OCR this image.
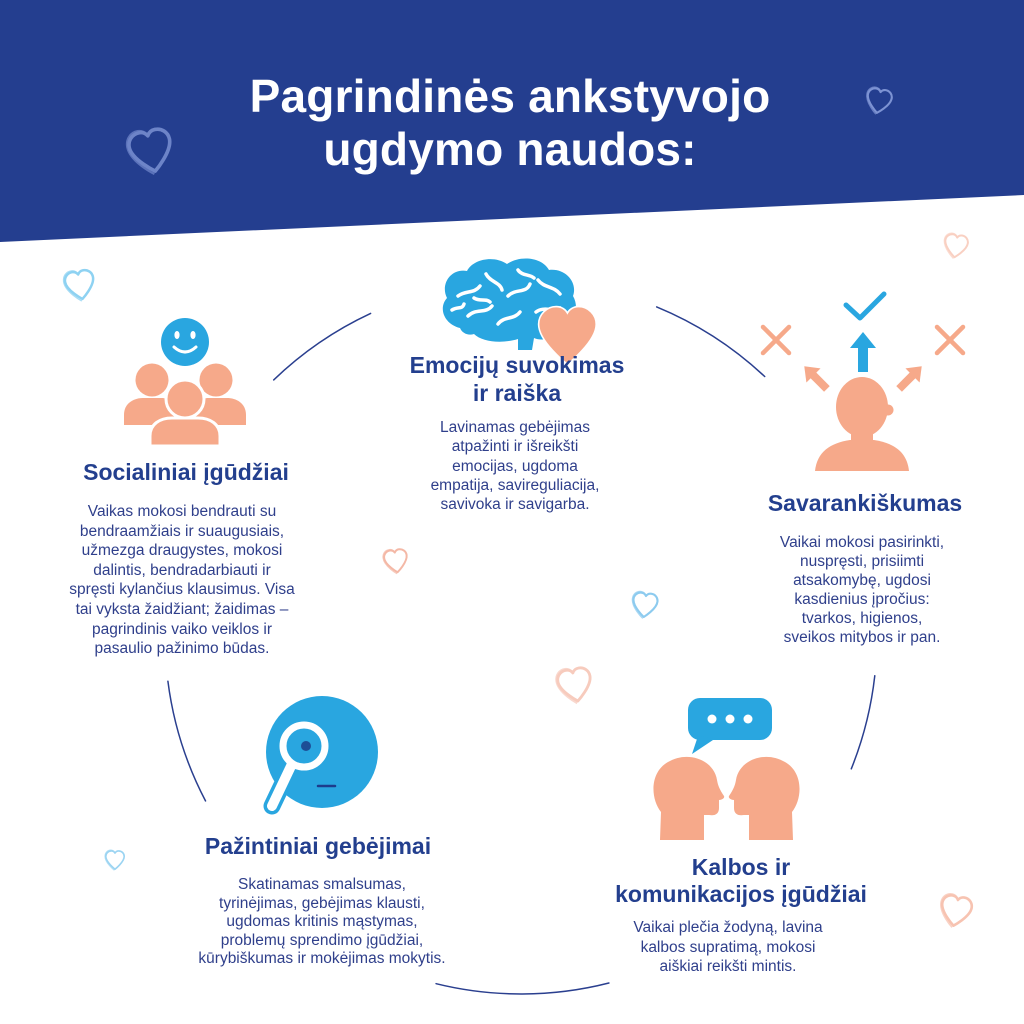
Pagrindinės ankstyvojo
ugdymo naudos:
Emocijų suvokimas
ir raiška
Lavinamas gebėjimas
atpažinti ir išreikšti
emocijas, ugdoma
empatija, savireguliacija,
savivoka ir savigarba.
Socialiniai įgūdžiai
Vaikas mokosi bendrauti su
bendraamžiais ir suaugusiais,
užmezga draugystes, mokosi
dalintis, bendradarbiauti ir
spręsti kylančius klausimus. Visa
tai vyksta žaidžiant; žaidimas –
pagrindinis vaiko veiklos ir
pasaulio pažinimo būdas.
Savarankiškumas
Vaikai mokosi pasirinkti,
nuspręsti, prisiimti
atsakomybę, ugdosi
kasdienius įpročius:
tvarkos, higienos,
sveikos mitybos ir pan.
Pažintiniai gebėjimai
Skatinamas smalsumas,
tyrinėjimas, gebėjimas klausti,
ugdomas kritinis mąstymas,
problemų sprendimo įgūdžiai,
kūrybiškumas ir mokėjimas mokytis.
Kalbos ir
komunikacijos įgūdžiai
Vaikai plečia žodyną, lavina
kalbos supratimą, mokosi
aiškiai reikšti mintis.
